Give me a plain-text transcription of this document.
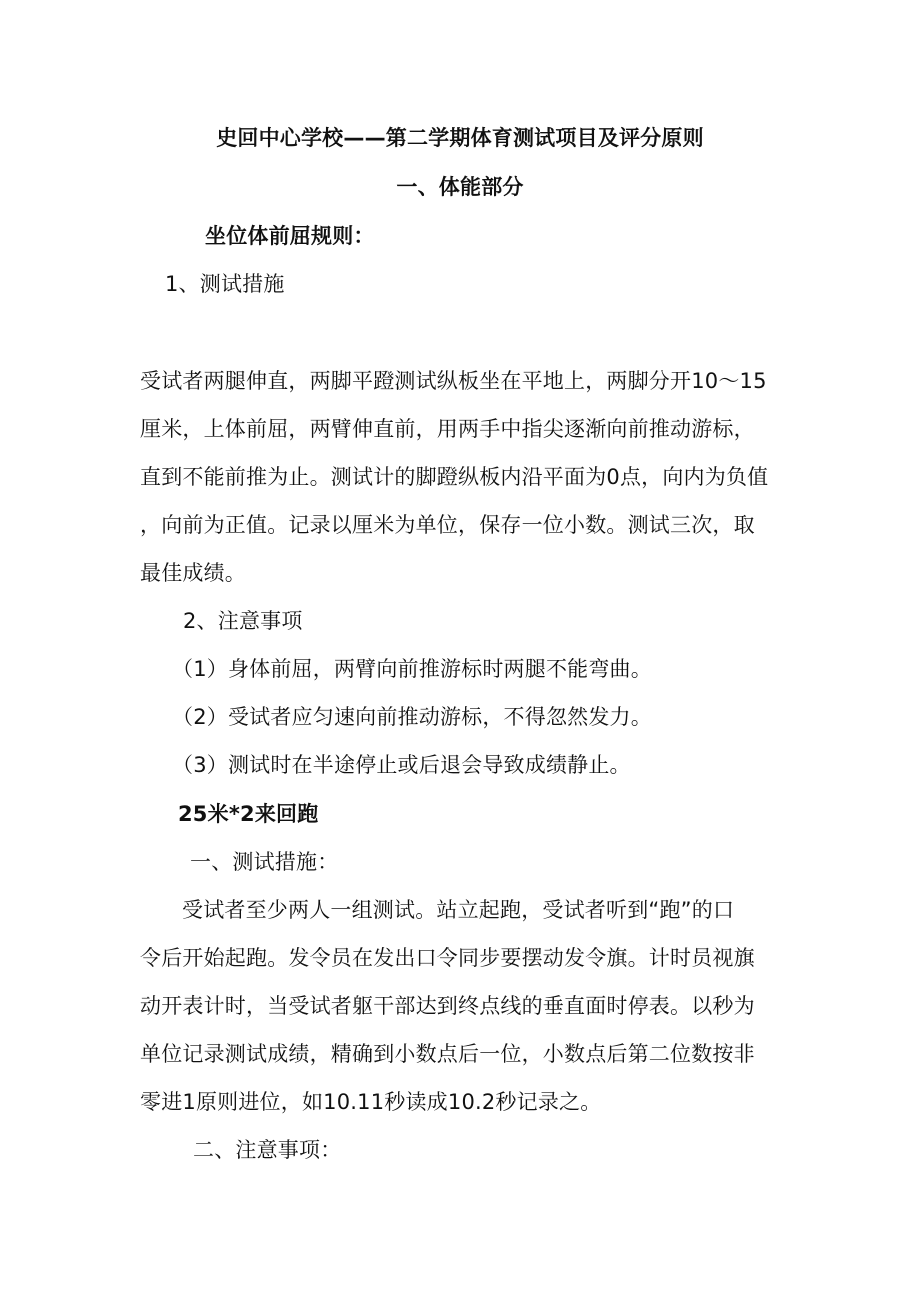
史回中心学校——第二学期体育测试项目及评分原则
一、体能部分
坐位体前屈规则：
1、测试措施
受试者两腿伸直，两脚平蹬测试纵板坐在平地上，两脚分开10～15
厘米，上体前屈，两臂伸直前，用两手中指尖逐渐向前推动游标，
直到不能前推为止。测试计的脚蹬纵板内沿平面为0点，向内为负值
，向前为正值。记录以厘米为单位，保存一位小数。测试三次，取
最佳成绩。
2、注意事项
（1）身体前屈，两臂向前推游标时两腿不能弯曲。
（2）受试者应匀速向前推动游标，不得忽然发力。
（3）测试时在半途停止或后退会导致成绩静止。
25米*2来回跑
一、测试措施：
受试者至少两人一组测试。站立起跑，受试者听到“跑”的口
令后开始起跑。发令员在发出口令同步要摆动发令旗。计时员视旗
动开表计时，当受试者躯干部达到终点线的垂直面时停表。以秒为
单位记录测试成绩，精确到小数点后一位，小数点后第二位数按非
零进1原则进位，如10.11秒读成10.2秒记录之。
二、注意事项：
